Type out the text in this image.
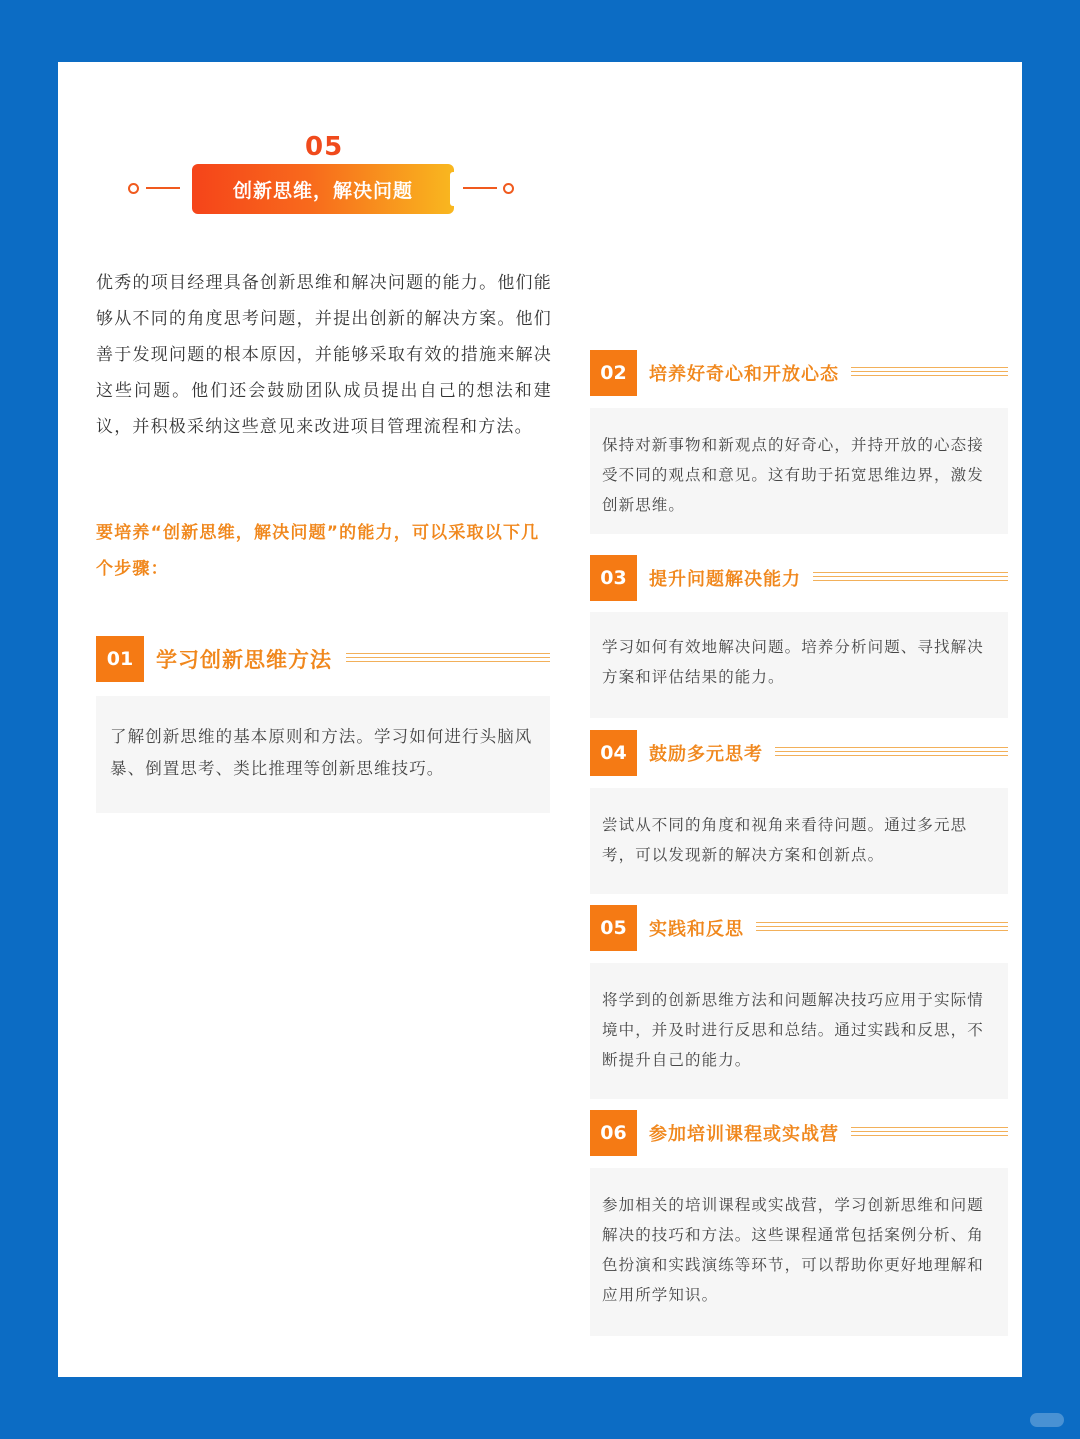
05
创新思维，解决问题
优秀的项目经理具备创新思维和解决问题的能力。他们能够从不同的角度思考问题，并提出创新的解决方案。他们善于发现问题的根本原因，并能够采取有效的措施来解决这些问题。他们还会鼓励团队成员提出自己的想法和建议，并积极采纳这些意见来改进项目管理流程和方法。
要培养“创新思维，解决问题”的能力，可以采取以下几个步骤：
01	学习创新思维方法
了解创新思维的基本原则和方法。学习如何进行头脑风暴、倒置思考、类比推理等创新思维技巧。
02	培养好奇心和开放心态
保持对新事物和新观点的好奇心，并持开放的心态接受不同的观点和意见。这有助于拓宽思维边界，激发创新思维。
03	提升问题解决能力
学习如何有效地解决问题。培养分析问题、寻找解决方案和评估结果的能力。
04	鼓励多元思考
尝试从不同的角度和视角来看待问题。通过多元思考，可以发现新的解决方案和创新点。
05	实践和反思
将学到的创新思维方法和问题解决技巧应用于实际情境中，并及时进行反思和总结。通过实践和反思，不断提升自己的能力。
06	参加培训课程或实战营
参加相关的培训课程或实战营，学习创新思维和问题解决的技巧和方法。这些课程通常包括案例分析、角色扮演和实践演练等环节，可以帮助你更好地理解和应用所学知识。
